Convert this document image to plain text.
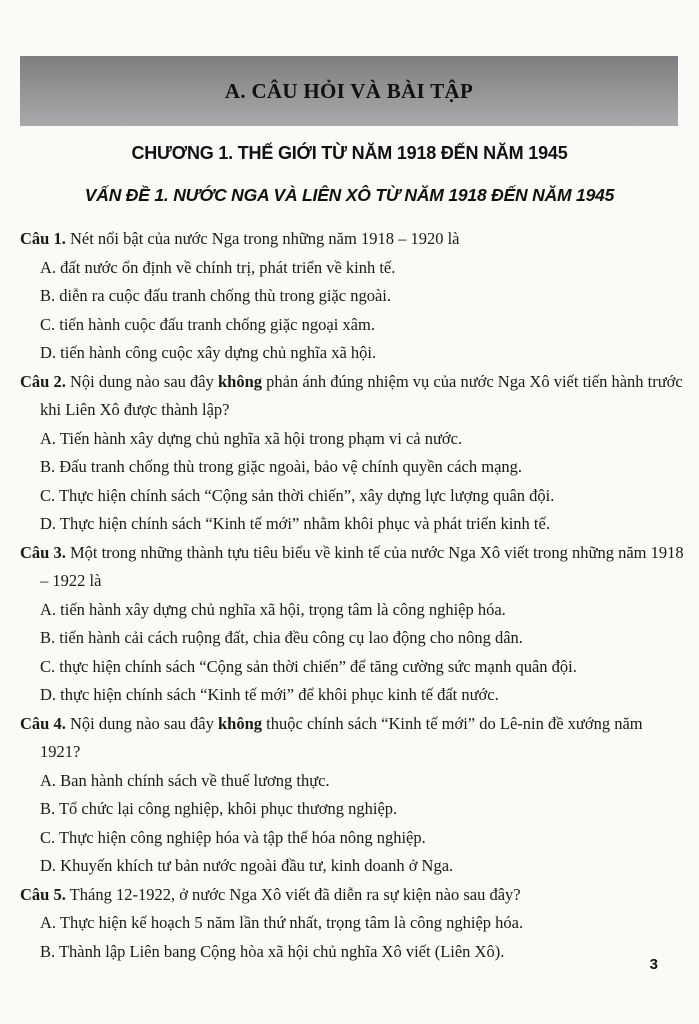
A. CÂU HỎI VÀ BÀI TẬP
CHƯƠNG 1. THẾ GIỚI TỪ NĂM 1918 ĐẾN NĂM 1945
VẤN ĐỀ 1. NƯỚC NGA VÀ LIÊN XÔ TỪ NĂM 1918 ĐẾN NĂM 1945

Câu 1. Nét nổi bật của nước Nga trong những năm 1918 – 1920 là

A. đất nước ổn định về chính trị, phát triển về kinh tế.

B. diễn ra cuộc đấu tranh chống thù trong giặc ngoài.

C. tiến hành cuộc đấu tranh chống giặc ngoại xâm.

D. tiến hành công cuộc xây dựng chủ nghĩa xã hội.

Câu 2. Nội dung nào sau đây không phản ánh đúng nhiệm vụ của nước Nga Xô viết tiến hành trước khi Liên Xô được thành lập?

A. Tiến hành xây dựng chủ nghĩa xã hội trong phạm vi cả nước.

B. Đấu tranh chống thù trong giặc ngoài, bảo vệ chính quyền cách mạng.

C. Thực hiện chính sách “Cộng sản thời chiến”, xây dựng lực lượng quân đội.

D. Thực hiện chính sách “Kinh tế mới” nhằm khôi phục và phát triển kinh tế.

Câu 3. Một trong những thành tựu tiêu biểu về kinh tế của nước Nga Xô viết trong những năm 1918 – 1922 là

A. tiến hành xây dựng chủ nghĩa xã hội, trọng tâm là công nghiệp hóa.

B. tiến hành cải cách ruộng đất, chia đều công cụ lao động cho nông dân.

C. thực hiện chính sách “Cộng sản thời chiến” để tăng cường sức mạnh quân đội.

D. thực hiện chính sách “Kinh tế mới” để khôi phục kinh tế đất nước.

Câu 4. Nội dung nào sau đây không thuộc chính sách “Kinh tế mới” do Lê-nin đề xướng năm 1921?

A. Ban hành chính sách về thuế lương thực.

B. Tổ chức lại công nghiệp, khôi phục thương nghiệp.

C. Thực hiện công nghiệp hóa và tập thể hóa nông nghiệp.

D. Khuyến khích tư bản nước ngoài đầu tư, kinh doanh ở Nga.

Câu 5. Tháng 12-1922, ở nước Nga Xô viết đã diễn ra sự kiện nào sau đây?

A. Thực hiện kế hoạch 5 năm lần thứ nhất, trọng tâm là công nghiệp hóa.

B. Thành lập Liên bang Cộng hòa xã hội chủ nghĩa Xô viết (Liên Xô).

3
